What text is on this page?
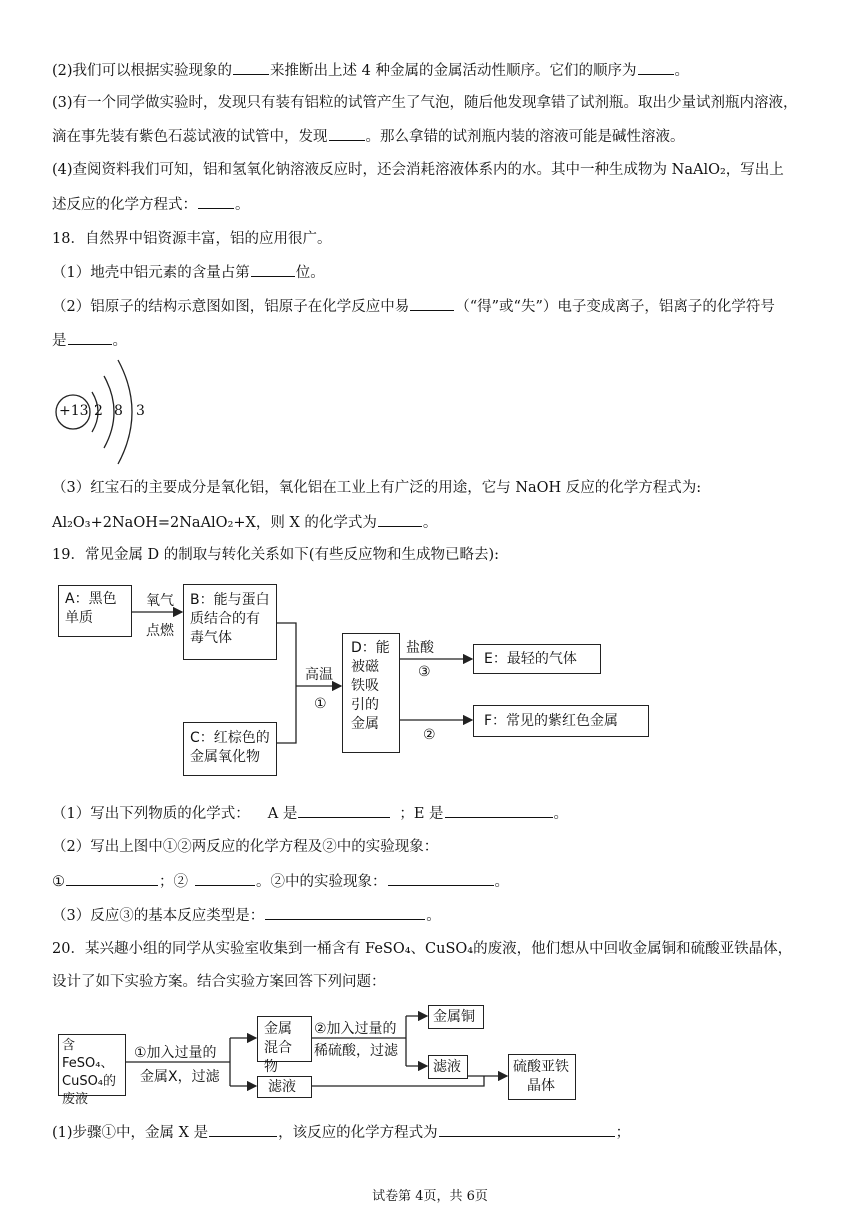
(2)我们可以根据实验现象的	来推断出上述 4 种金属的金属活动性顺序。它们的顺序为	。
(3)有一个同学做实验时，发现只有装有铝粒的试管产生了气泡，随后他发现拿错了试剂瓶。取出少量试剂瓶内溶液，
滴在事先装有紫色石蕊试液的试管中，发现	。那么拿错的试剂瓶内装的溶液可能是碱性溶液。
(4)查阅资料我们可知，铝和氢氧化钠溶液反应时，还会消耗溶液体系内的水。其中一种生成物为 NaAlO₂，写出上
述反应的化学方程式：	。
18．自然界中铝资源丰富，铝的应用很广。
（1）地壳中铝元素的含量占第	位。
（2）铝原子的结构示意图如图，铝原子在化学反应中易	（“得”或“失”）电子变成离子，铝离子的化学符号
是	。
+13 2 8 3
（3）红宝石的主要成分是氧化铝，氧化铝在工业上有广泛的用途，它与 NaOH 反应的化学方程式为:
Al₂O₃+2NaOH=2NaAlO₂+X，则 X 的化学式为	。
19．常见金属 D 的制取与转化关系如下(有些反应物和生成物已略去):
A：黑色
单质
氧气
点燃
B：能与蛋白
质结合的有
毒气体
C：红棕色的
金属氧化物
高温
①
D：能
被磁
铁吸
引的
金属
盐酸
③
②
E：最轻的气体
F：常见的紫红色金属
（1）写出下列物质的化学式： A 是	；E 是	。
（2）写出上图中①②两反应的化学方程及②中的实验现象：
①	；②	。②中的实验现象：	。
（3）反应③的基本反应类型是：	。
20．某兴趣小组的同学从实验室收集到一桶含有 FeSO₄、CuSO₄的废液，他们想从中回收金属铜和硫酸亚铁晶体，
设计了如下实验方案。结合实验方案回答下列问题：
含FeSO₄、
CuSO₄的
废液
①加入过量的
金属X，过滤
金属
混合物
②加入过量的
稀硫酸，过滤
金属铜
滤液
滤液
硫酸亚铁
晶体
(1)步骤①中，金属 X 是	，该反应的化学方程式为	；
试卷第 4页，共 6页
